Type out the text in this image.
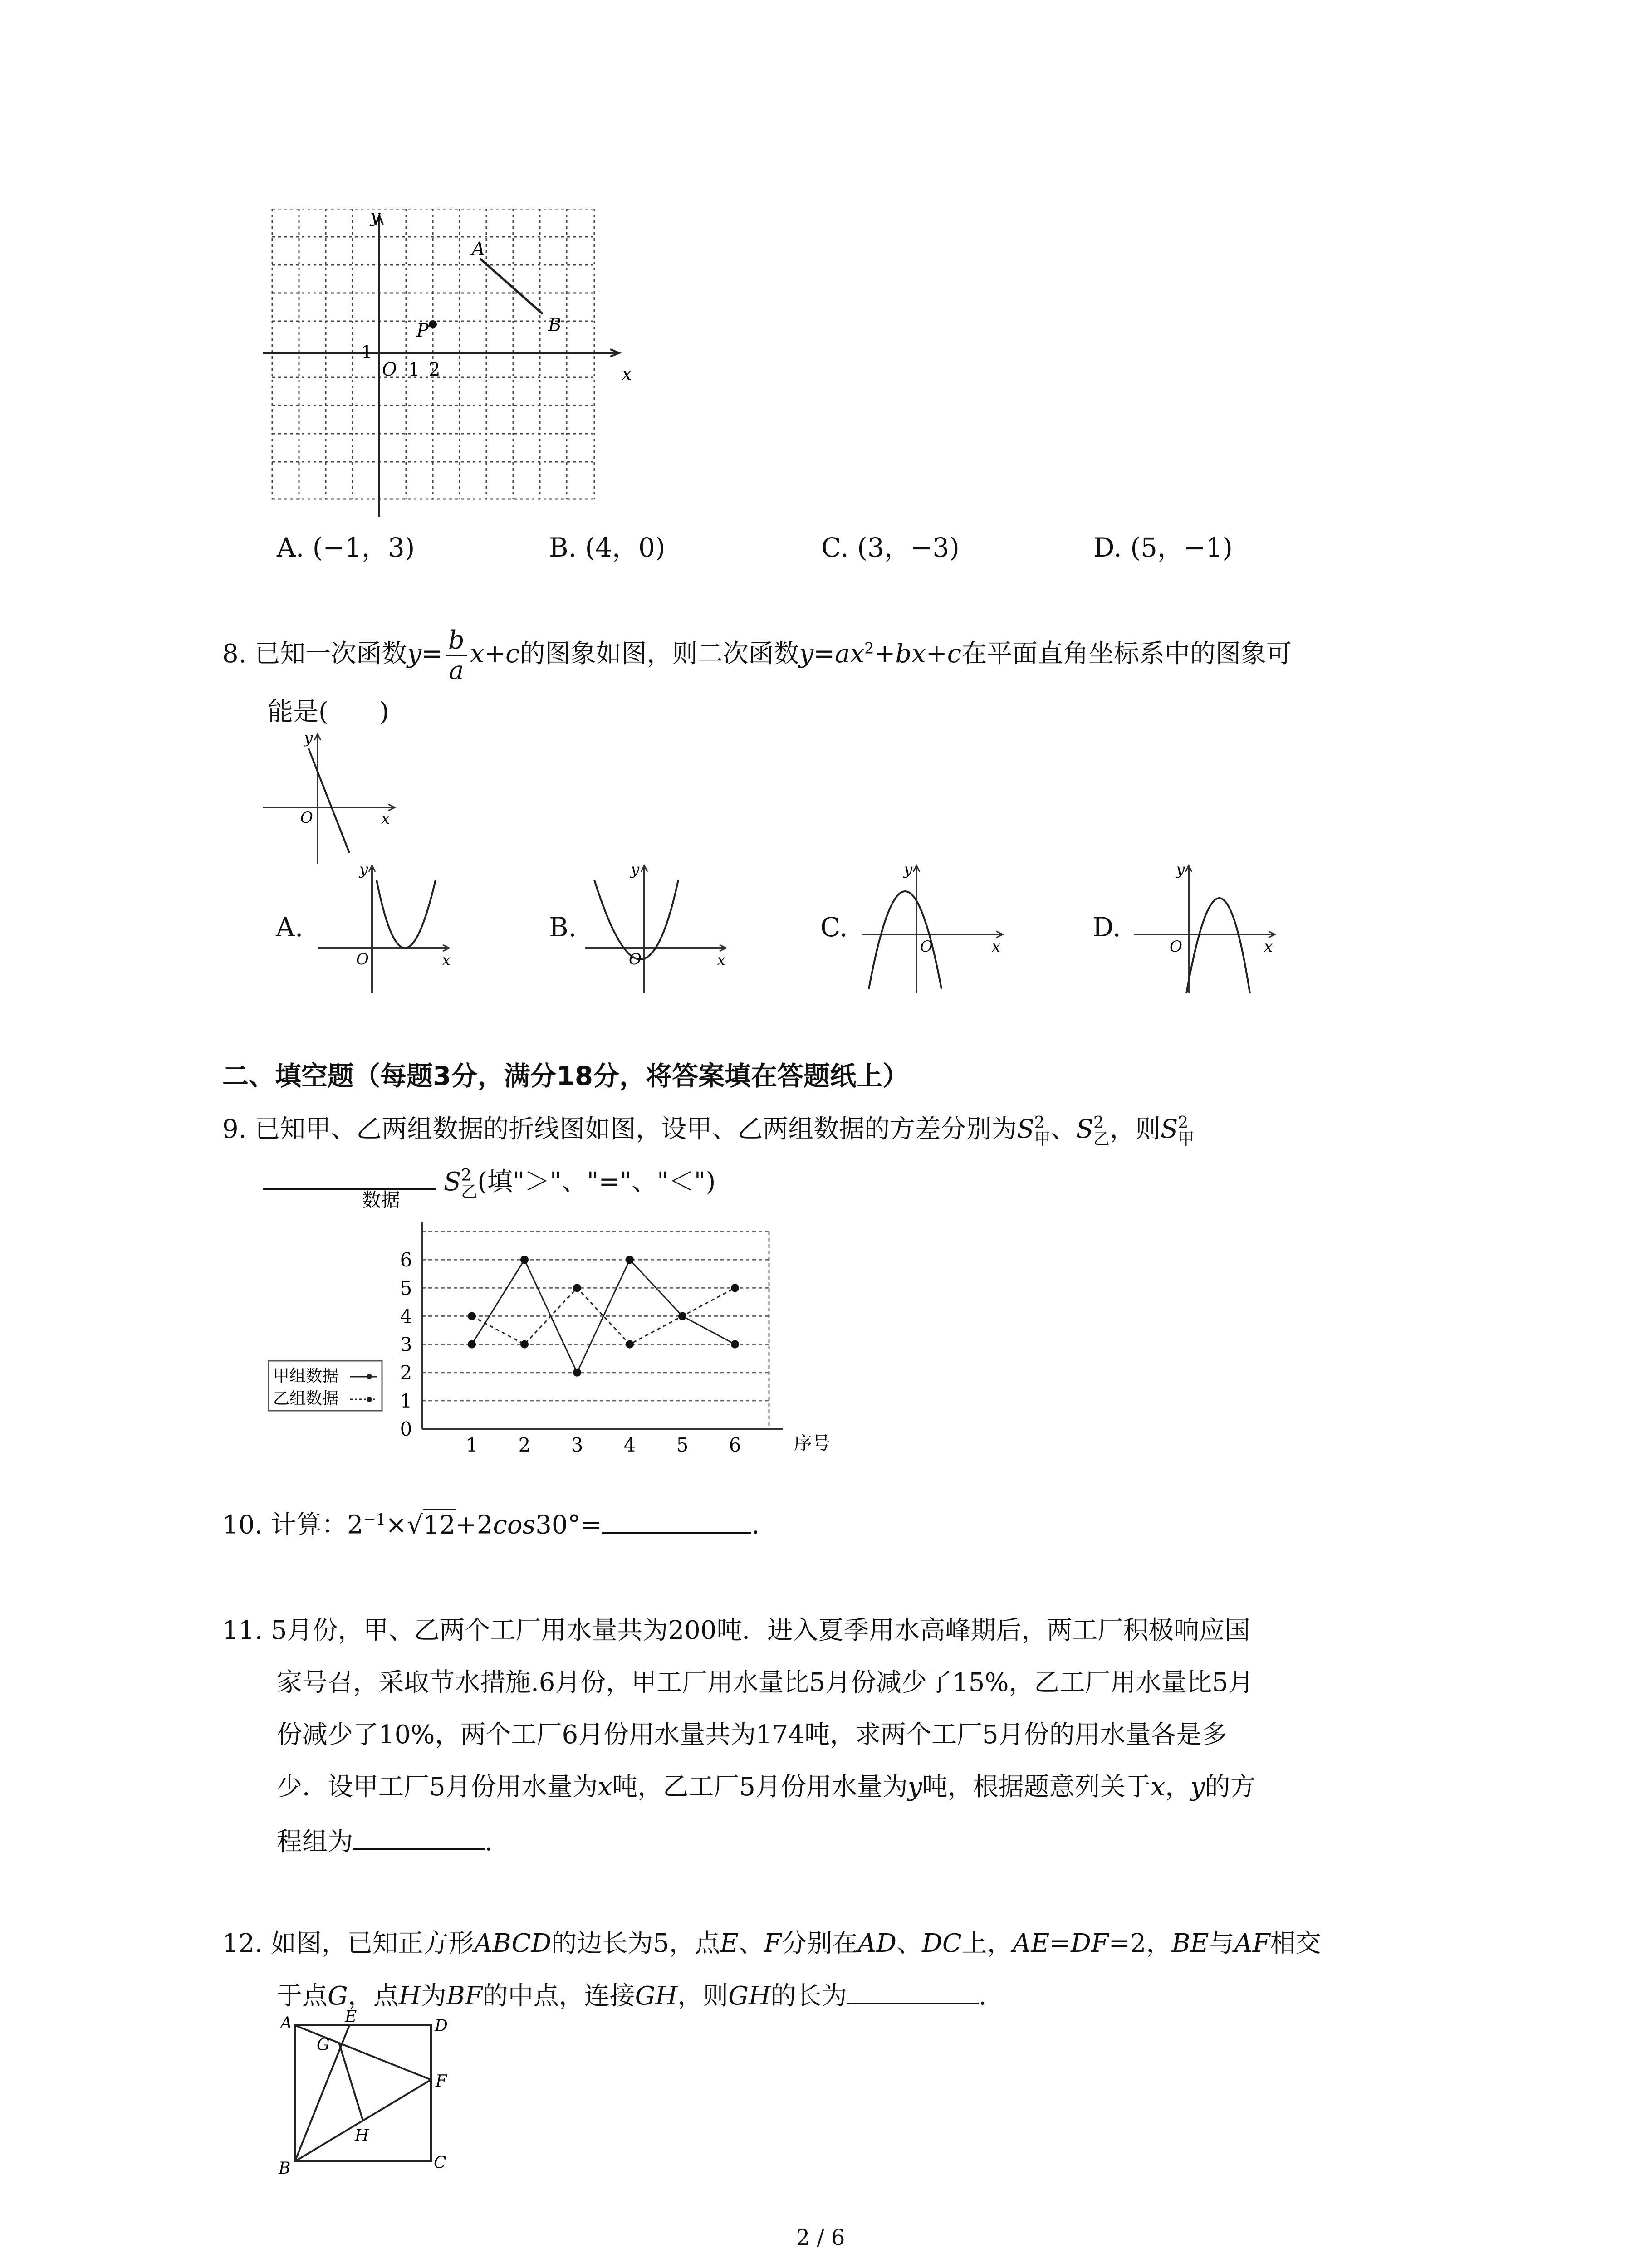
y
x
A
B
P
O
1
1 2
A. (−1，3)	B. (4，0)	C. (3，−3)	D. (5，−1)
8. 已知一次函数$y= \frac{b}{a} x+c$的图象如图，则二次函数$y=ax^2+bx+c$在平面直角坐标系中的图象可
能是(　　)
y
x
O
A.	B.	C.	D.
y
x
O
y
x
O
y
x
O
y
x
O
二、填空题（每题3分，满分18分，将答案填在答题纸上）
9. 已知甲、乙两组数据的折线图如图，设甲、乙两组数据的方差分别为S 2
甲 、S 2
乙 ，则S 2
甲
S 2
乙 (填"＞"、"="、"＜")
数据
序号
0
1
2
3
4
5
6
1 2 3 4 5 6
甲组数据
乙组数据
10. 计算：$2^{-1}\times√12+2\cos 30^\circ=$	.
11. 5月份，甲、乙两个工厂用水量共为200吨．进入夏季用水高峰期后，两工厂积极响应国
家号召，采取节水措施.6月份，甲工厂用水量比5月份减少了15%，乙工厂用水量比5月
份减少了10%，两个工厂6月份用水量共为174吨，求两个工厂5月份的用水量各是多
少．设甲工厂5月份用水量为x吨，乙工厂5月份用水量为y吨，根据题意列关于x，y的方
程组为	.
12. 如图，已知正方形ABCD的边长为5，点E、F分别在AD、DC上，AE=DF=2，BE与AF相交
于点G，点H为BF的中点，连接GH，则GH的长为	.
A	E	D
G
F
H
B	C
2 / 6
